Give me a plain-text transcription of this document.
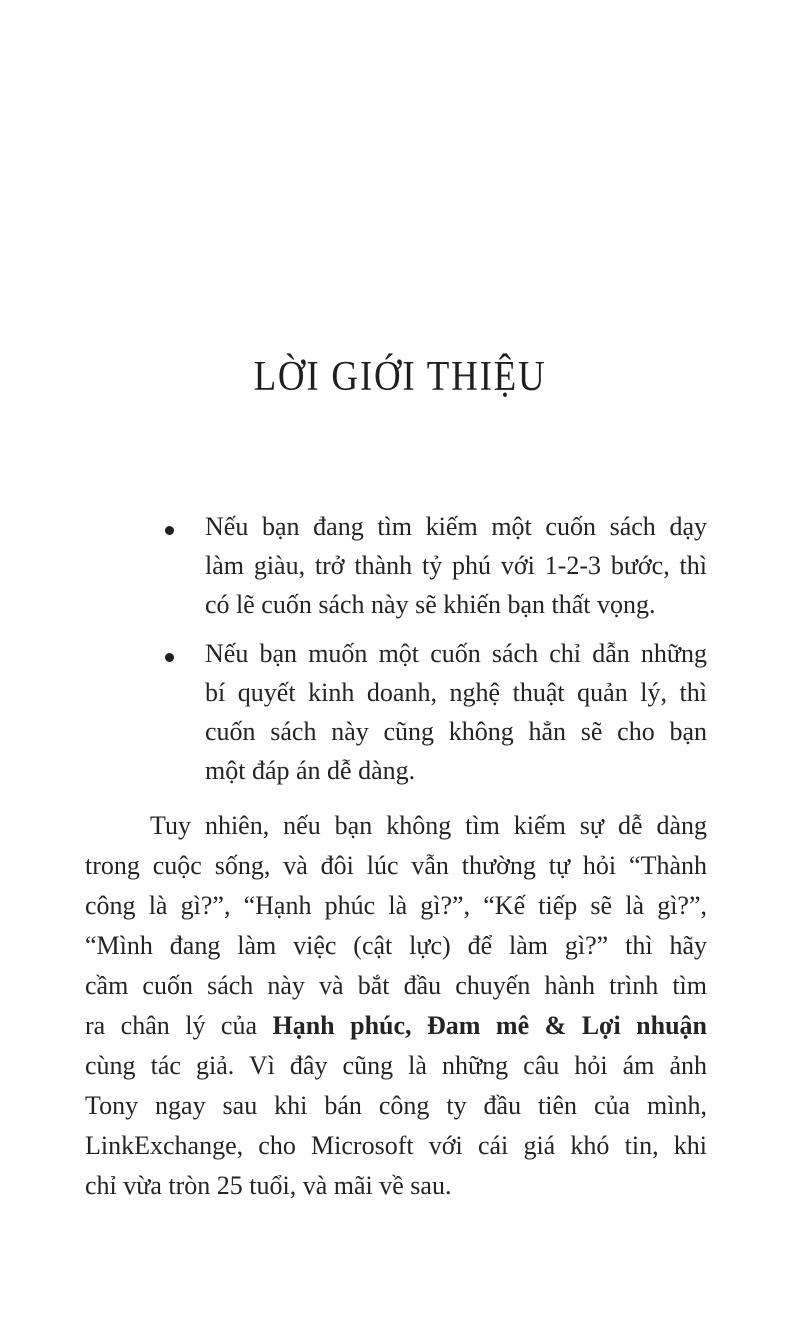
LỜI GIỚI THIỆU
Nếu bạn đang tìm kiếm một cuốn sách dạy
làm giàu, trở thành tỷ phú với 1-2-3 bước, thì
có lẽ cuốn sách này sẽ khiến bạn thất vọng.
Nếu bạn muốn một cuốn sách chỉ dẫn những
bí quyết kinh doanh, nghệ thuật quản lý, thì
cuốn sách này cũng không hẳn sẽ cho bạn
một đáp án dễ dàng.
Tuy nhiên, nếu bạn không tìm kiếm sự dễ dàng
trong cuộc sống, và đôi lúc vẫn thường tự hỏi “Thành
công là gì?”, “Hạnh phúc là gì?”, “Kế tiếp sẽ là gì?”,
“Mình đang làm việc (cật lực) để làm gì?” thì hãy
cầm cuốn sách này và bắt đầu chuyến hành trình tìm
ra chân lý của Hạnh phúc, Đam mê & Lợi nhuận
cùng tác giả. Vì đây cũng là những câu hỏi ám ảnh
Tony ngay sau khi bán công ty đầu tiên của mình,
LinkExchange, cho Microsoft với cái giá khó tin, khi
chỉ vừa tròn 25 tuổi, và mãi về sau.
